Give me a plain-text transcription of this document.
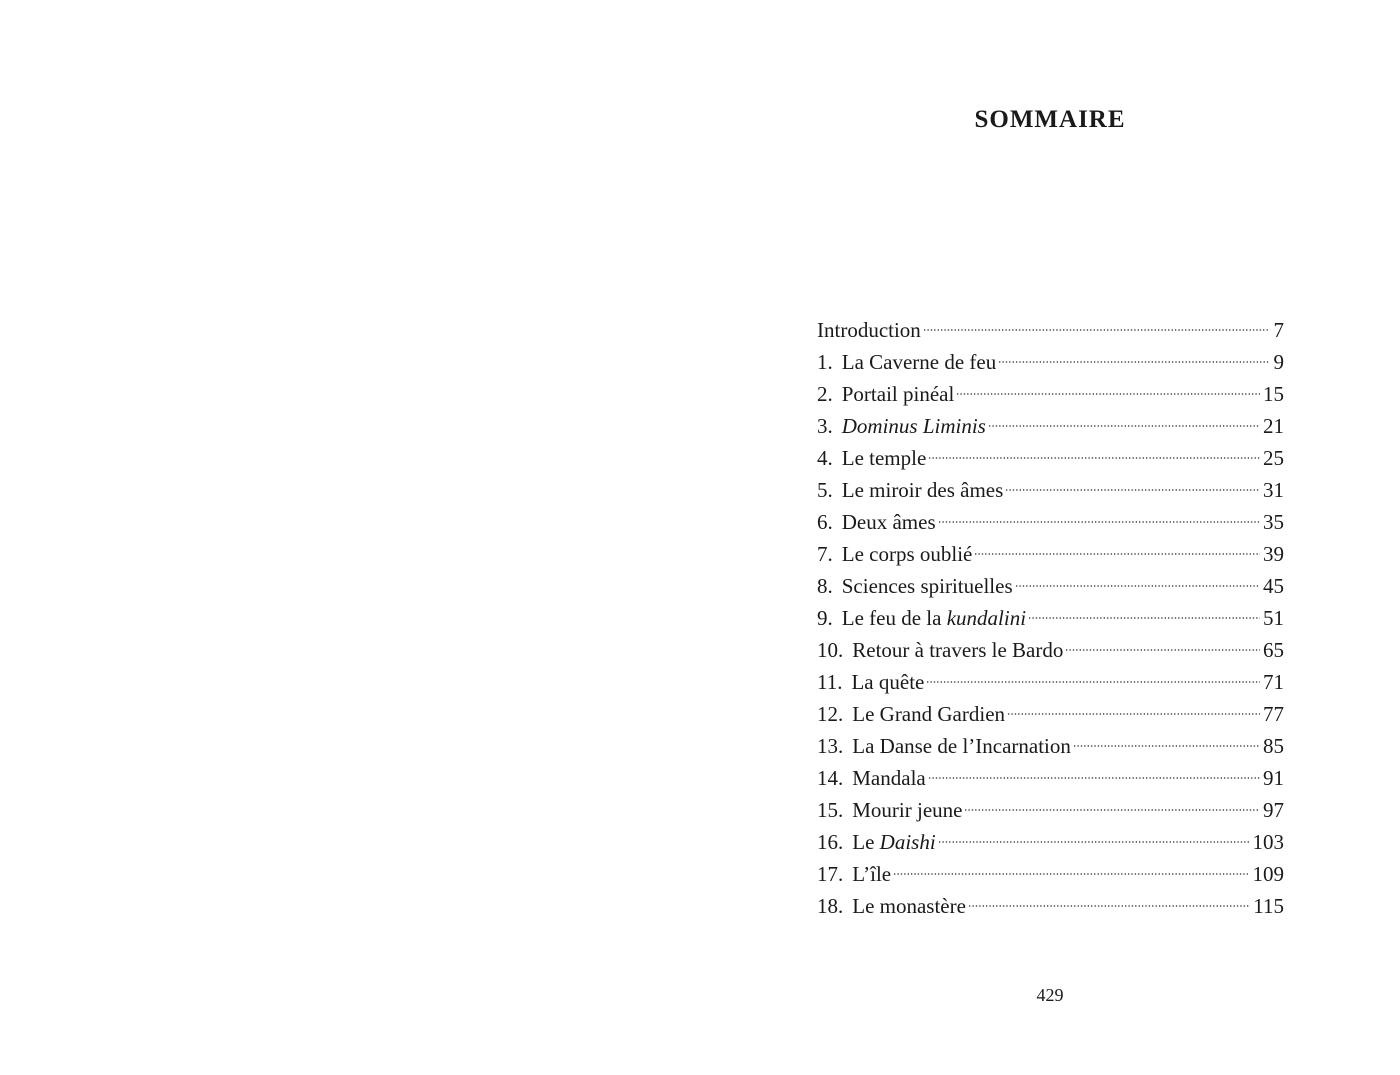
SOMMAIRE
Introduction	7
1. La Caverne de feu	9
2. Portail pinéal	15
3. Dominus Liminis	21
4. Le temple	25
5. Le miroir des âmes	31
6. Deux âmes	35
7. Le corps oublié	39
8. Sciences spirituelles	45
9. Le feu de la kundalini	51
10. Retour à travers le Bardo	65
11. La quête	71
12. Le Grand Gardien	77
13. La Danse de l’Incarnation	85
14. Mandala	91
15. Mourir jeune	97
16. Le Daishi	103
17. L’île	109
18. Le monastère	115
429
